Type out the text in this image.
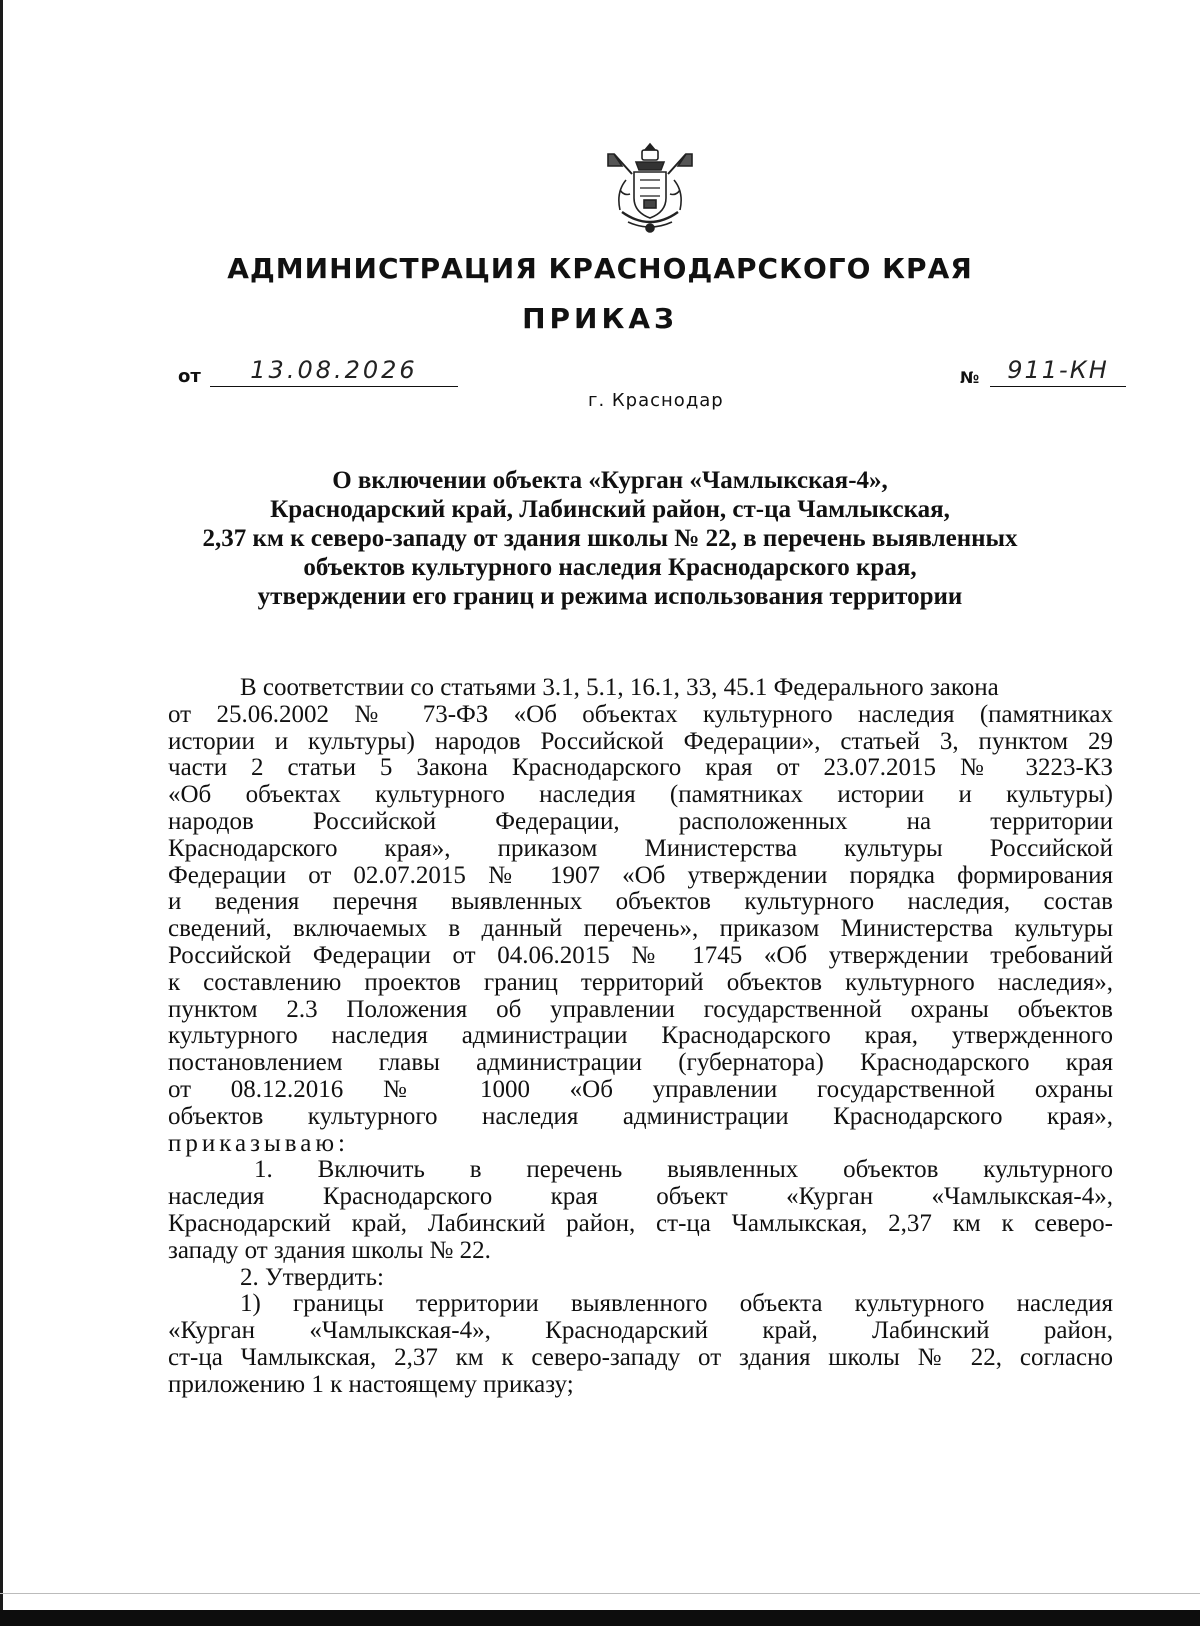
АДМИНИСТРАЦИЯ КРАСНОДАРСКОГО КРАЯ
ПРИКАЗ
от	13.08.2026	№	911-КН
г. Краснодар
О включении объекта «Курган «Чамлыкская-4»,
Краснодарский край, Лабинский район, ст-ца Чамлыкская,
2,37 км к северо-западу от здания школы № 22, в перечень выявленных
объектов культурного наследия Краснодарского края,
утверждении его границ и режима использования территории
В соответствии со статьями 3.1, 5.1, 16.1, 33, 45.1 Федерального закона
от 25.06.2002 № 73-ФЗ «Об объектах культурного наследия (памятниках
истории и культуры) народов Российской Федерации», статьей 3, пунктом 29
части 2 статьи 5 Закона Краснодарского края от 23.07.2015 № 3223-КЗ
«Об объектах культурного наследия (памятниках истории и культуры)
народов Российской Федерации, расположенных на территории
Краснодарского края», приказом Министерства культуры Российской
Федерации от 02.07.2015 № 1907 «Об утверждении порядка формирования
и ведения перечня выявленных объектов культурного наследия, состав
сведений, включаемых в данный перечень», приказом Министерства культуры
Российской Федерации от 04.06.2015 № 1745 «Об утверждении требований
к составлению проектов границ территорий объектов культурного наследия»,
пунктом 2.3 Положения об управлении государственной охраны объектов
культурного наследия администрации Краснодарского края, утвержденного
постановлением главы администрации (губернатора) Краснодарского края
от 08.12.2016 № 1000 «Об управлении государственной охраны
объектов культурного наследия администрации Краснодарского края»,
приказываю:
1. Включить в перечень выявленных объектов культурного
наследия Краснодарского края объект «Курган «Чамлыкская-4»,
Краснодарский край, Лабинский район, ст-ца Чамлыкская, 2,37 км к северо-
западу от здания школы № 22.
2. Утвердить:
1) границы территории выявленного объекта культурного наследия
«Курган «Чамлыкская-4», Краснодарский край, Лабинский район,
ст-ца Чамлыкская, 2,37 км к северо-западу от здания школы № 22, согласно
приложению 1 к настоящему приказу;
